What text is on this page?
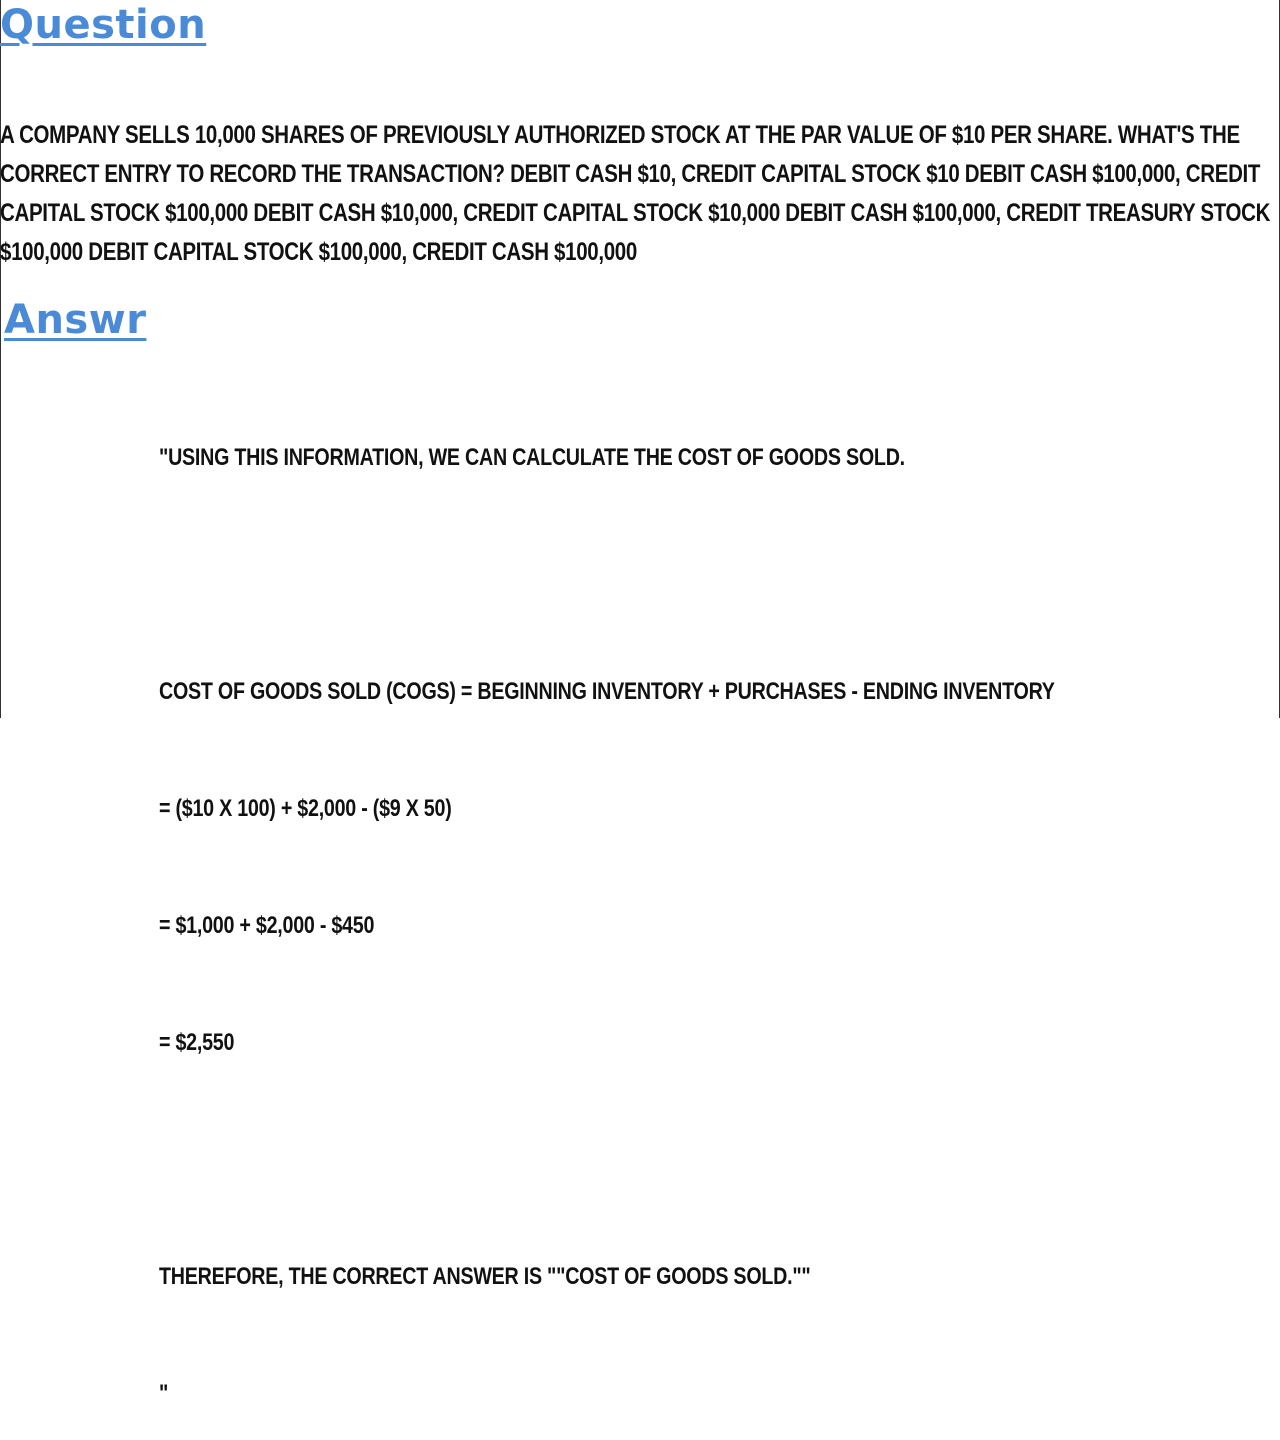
Question
A COMPANY SELLS 10,000 SHARES OF PREVIOUSLY AUTHORIZED STOCK AT THE PAR VALUE OF $10 PER SHARE. WHAT'S THE CORRECT ENTRY TO RECORD THE TRANSACTION? DEBIT CASH $10, CREDIT CAPITAL STOCK $10 DEBIT CASH $100,000, CREDIT CAPITAL STOCK $100,000 DEBIT CASH $10,000, CREDIT CAPITAL STOCK $10,000 DEBIT CASH $100,000, CREDIT TREASURY STOCK $100,000 DEBIT CAPITAL STOCK $100,000, CREDIT CASH $100,000
Answr

"USING THIS INFORMATION, WE CAN CALCULATE THE COST OF GOODS SOLD.

COST OF GOODS SOLD (COGS) = BEGINNING INVENTORY + PURCHASES - ENDING INVENTORY

= ($10 X 100) + $2,000 - ($9 X 50)

= $1,000 + $2,000 - $450

= $2,550

THEREFORE, THE CORRECT ANSWER IS ""COST OF GOODS SOLD.""

"
